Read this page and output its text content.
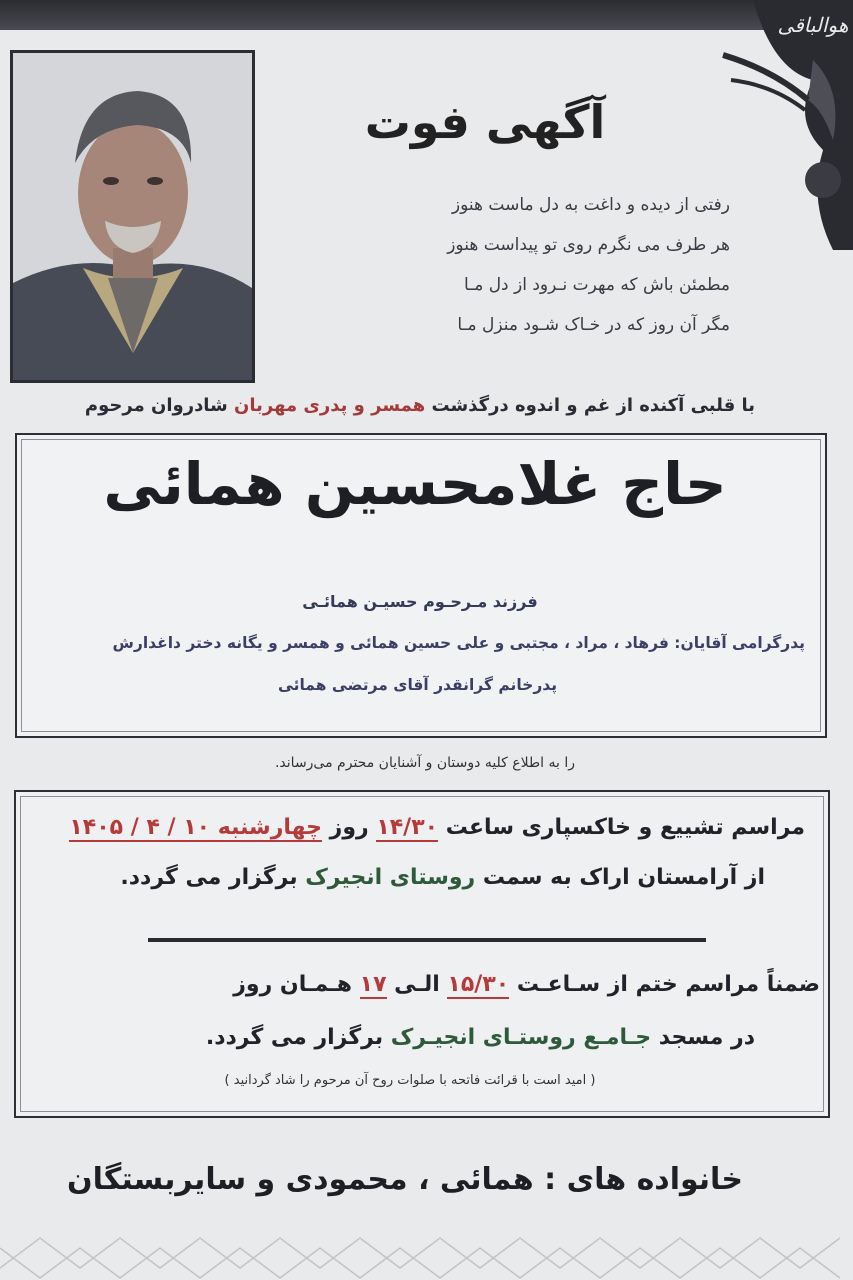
هوالباقی
آگهی فوت
رفتی از دیده و داغت به دل ماست هنوز
هر طرف می نگرم روی تو پیداست هنوز
مطمئن باش که مهرت نـرود از دل مـا
مگر آن روز که در خـاک شـود منزل مـا
با قلبی آکنده از غم و اندوه درگذشت همسر و پدری مهربان شادروان مرحوم
حاج غلامحسین همائی
فرزند مـرحـوم حسیـن همائـی
پدرگرامی آقایان: فرهاد ، مراد ، مجتبی و علی حسین همائی و همسر و یگانه دختر داغدارش
پدرخانم گرانقدر آقای مرتضی همائی
را به اطلاع کلیه دوستان و آشنایان محترم می‌رساند.
مراسم تشییع و خاکسپاری ساعت ۱۴/۳۰ روز چهارشنبه ۱۰ / ۴ / ۱۴۰۵
از آرامستان اراک به سمت روستای انجیرک برگزار می گردد.
ضمناً مراسم ختم از سـاعـت ۱۵/۳۰ الـی ۱۷ هـمـان روز
در مسجد جـامـع روستـای انجیـرک برگزار می گردد.
( امید است با قرائت فاتحه با صلوات روح آن مرحوم را شاد گردانید )
خانواده های : همائی ، محمودی و سایربستگان
